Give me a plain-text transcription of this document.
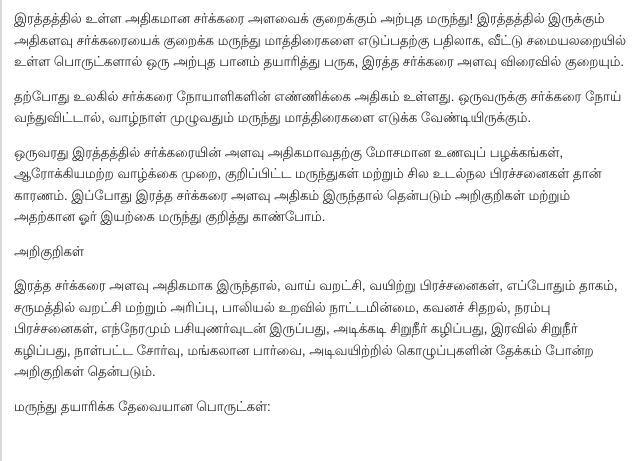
இரத்தத்தில் உள்ள அதிகமான சர்க்கரை அளவைக் குறைக்கும் அற்புத மருந்து! இரத்தத்தில் இருக்கும் அதிகளவு சர்க்கரையைக் குறைக்க மருந்து மாத்திரைகளை எடுப்பதற்கு பதிலாக, வீட்டு சமையலறையில் உள்ள பொருட்களால் ஒரு அற்புத பானம் தயாரித்து பருக, இரத்த சர்க்கரை அளவு விரைவில் குறையும்.

தற்போது உலகில் சர்க்கரை நோயாளிகளின் எண்ணிக்கை அதிகம் உள்ளது. ஒருவருக்கு சர்க்கரை நோய் வந்துவிட்டால், வாழ்நாள் முழுவதும் மருந்து மாத்திரைகளை எடுக்க வேண்டியிருக்கும்.

ஒருவரது இரத்தத்தில் சர்க்கரையின் அளவு அதிகமாவதற்கு மோசமான உணவுப் பழக்கங்கள், ஆரோக்கியமற்ற வாழ்க்கை முறை, குறிப்பிட்ட மருந்துகள் மற்றும் சில உடல்நல பிரச்சனைகள் தான் காரணம். இப்போது இரத்த சர்க்கரை அளவு அதிகம் இருந்தால் தென்படும் அறிகுறிகள் மற்றும் அதற்கான ஓர் இயற்கை மருந்து குறித்து காண்போம்.

அறிகுறிகள்

இரத்த சர்க்கரை அளவு அதிகமாக இருந்தால், வாய் வறட்சி, வயிற்று பிரச்சனைகள், எப்போதும் தாகம், சருமத்தில் வறட்சி மற்றும் அரிப்பு, பாலியல் உறவில் நாட்டமின்மை, கவனச் சிதறல், நரம்பு பிரச்சனைகள், எந்நேரமும் பசியுணர்வுடன் இருப்பது, அடிக்கடி சிறுநீர் கழிப்பது, இரவில் சிறுநீர் கழிப்பது, நாள்பட்ட சோர்வு, மங்கலான பார்வை, அடிவயிற்றில் கொழுப்புகளின் தேக்கம் போன்ற அறிகுறிகள் தென்படும்.

மருந்து தயாரிக்க தேவையான பொருட்கள்:
